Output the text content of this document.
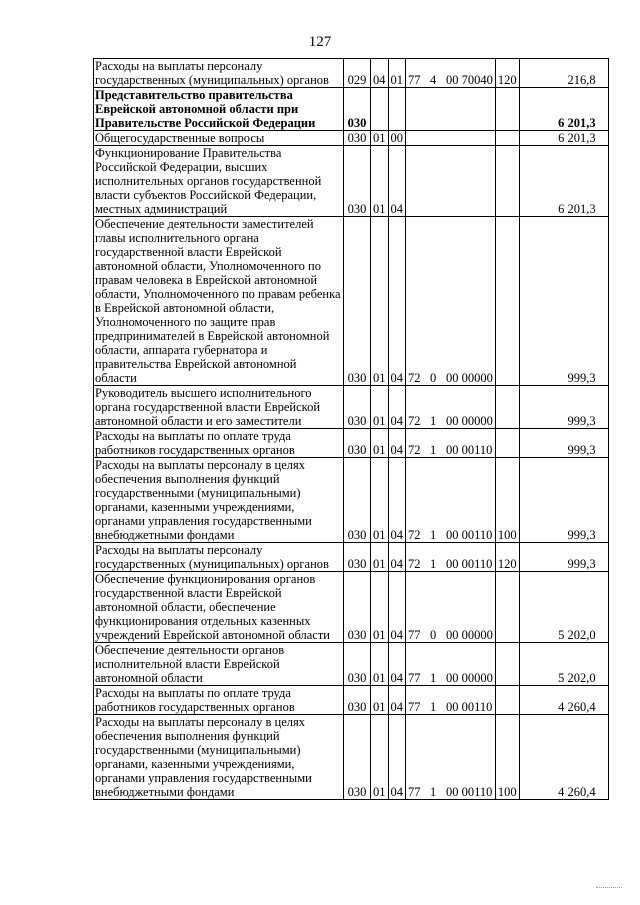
127
Расходы на выплаты персоналу государственных (муниципальных) органов	029	04	01	77 4 00 70040	120	216,8
Представительство правительства Еврейской автономной области при Правительстве Российской Федерации	030					6 201,3
Общегосударственные вопросы	030	01	00			6 201,3
Функционирование Правительства Российской Федерации, высших исполнительных органов государственной власти субъектов Российской Федерации, местных администраций	030	01	04			6 201,3
Обеспечение деятельности заместителей главы исполнительного органа государственной власти Еврейской автономной области, Уполномоченного по правам человека в Еврейской автономной области, Уполномоченного по правам ребенка в Еврейской автономной области, Уполномоченного по защите прав предпринимателей в Еврейской автономной области, аппарата губернатора и правительства Еврейской автономной области	030	01	04	72 0 00 00000		999,3
Руководитель высшего исполнительного органа государственной власти Еврейской автономной области и его заместители	030	01	04	72 1 00 00000		999,3
Расходы на выплаты по оплате труда работников государственных органов	030	01	04	72 1 00 00110		999,3
Расходы на выплаты персоналу в целях обеспечения выполнения функций государственными (муниципальными) органами, казенными учреждениями, органами управления государственными внебюджетными фондами	030	01	04	72 1 00 00110	100	999,3
Расходы на выплаты персоналу государственных (муниципальных) органов	030	01	04	72 1 00 00110	120	999,3
Обеспечение функционирования органов государственной власти Еврейской автономной области, обеспечение функционирования отдельных казенных учреждений Еврейской автономной области	030	01	04	77 0 00 00000		5 202,0
Обеспечение деятельности органов исполнительной власти Еврейской автономной области	030	01	04	77 1 00 00000		5 202,0
Расходы на выплаты по оплате труда работников государственных органов	030	01	04	77 1 00 00110		4 260,4
Расходы на выплаты персоналу в целях обеспечения выполнения функций государственными (муниципальными) органами, казенными учреждениями, органами управления государственными внебюджетными фондами	030	01	04	77 1 00 00110	100	4 260,4
